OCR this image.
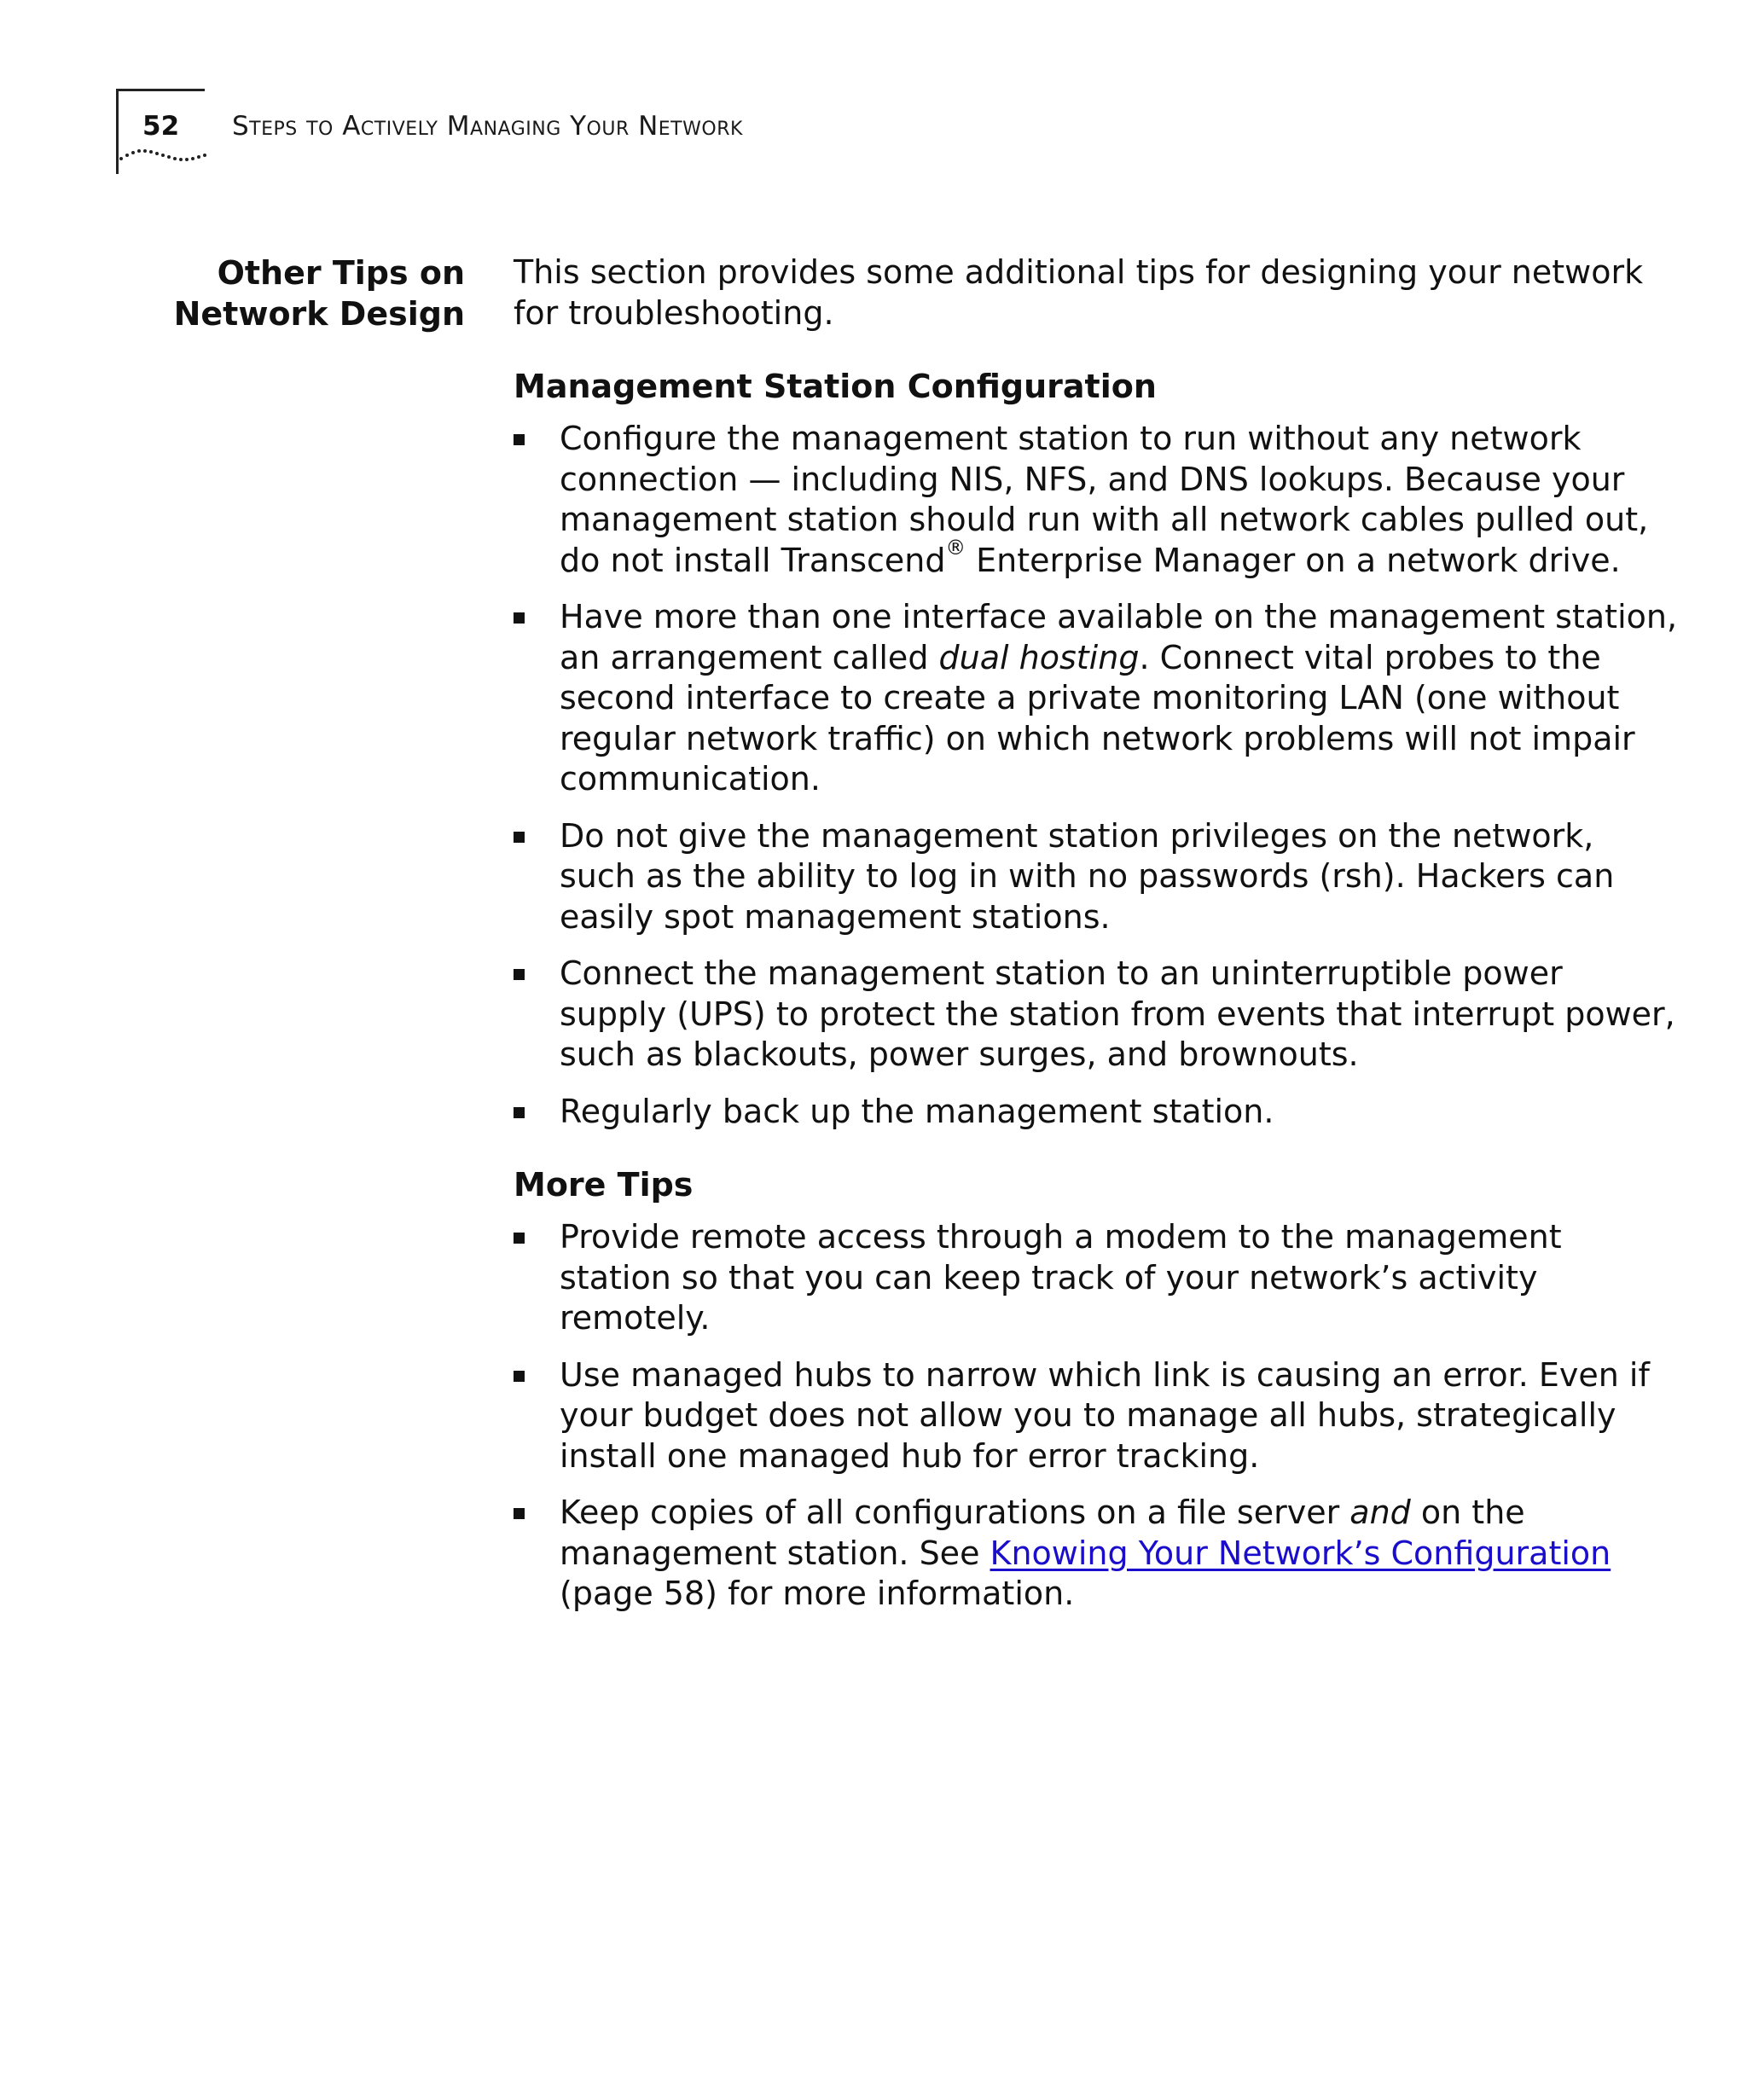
52 Steps to Actively Managing Your Network
Other Tips on
Network Design

This section provides some additional tips for designing your network
for troubleshooting.

Management Station Configuration
Configure the management station to run without any network
connection — including NIS, NFS, and DNS lookups. Because your
management station should run with all network cables pulled out,
do not install Transcend® Enterprise Manager on a network drive.
Have more than one interface available on the management station,
an arrangement called dual hosting. Connect vital probes to the
second interface to create a private monitoring LAN (one without
regular network traffic) on which network problems will not impair
communication.
Do not give the management station privileges on the network,
such as the ability to log in with no passwords (rsh). Hackers can
easily spot management stations.
Connect the management station to an uninterruptible power
supply (UPS) to protect the station from events that interrupt power,
such as blackouts, power surges, and brownouts.
Regularly back up the management station.
More Tips
Provide remote access through a modem to the management
station so that you can keep track of your network’s activity
remotely.
Use managed hubs to narrow which link is causing an error. Even if
your budget does not allow you to manage all hubs, strategically
install one managed hub for error tracking.
Keep copies of all configurations on a file server and on the
management station. See Knowing Your Network’s Configuration
(page 58) for more information.
